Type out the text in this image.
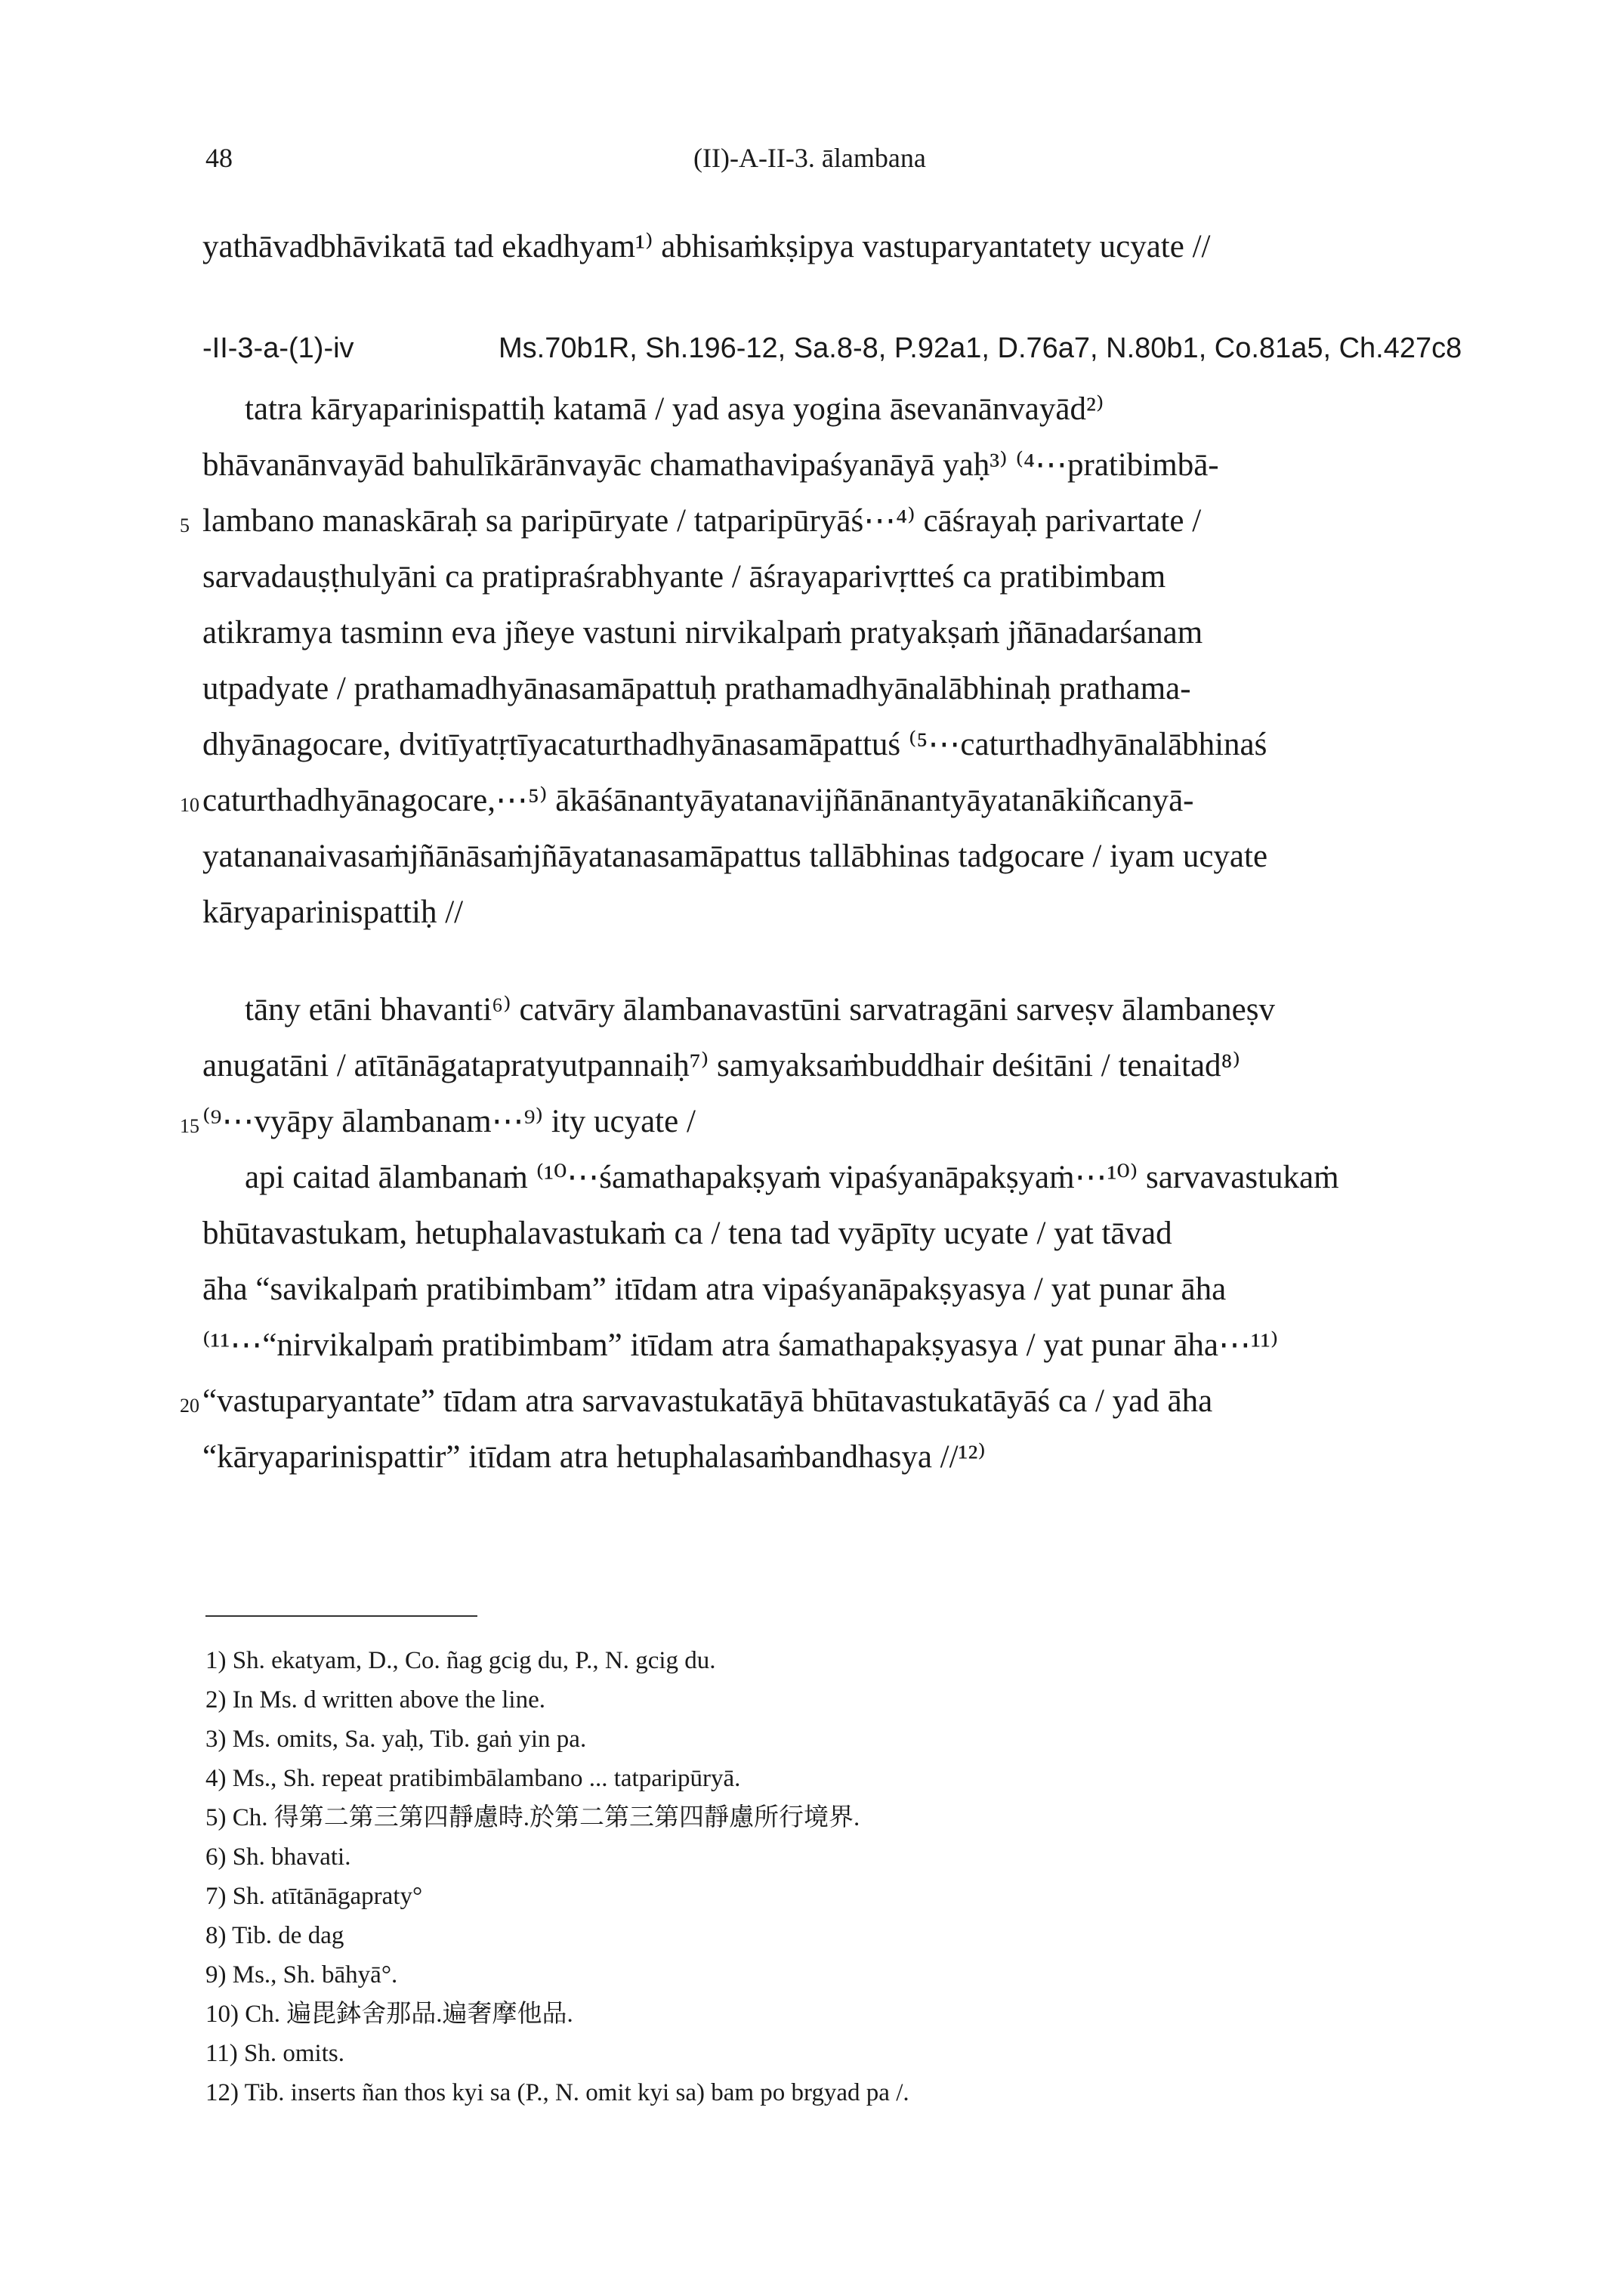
48	(II)-A-II-3. ālambana
yathāvadbhāvikatā tad ekadhyam¹⁾ abhisaṁkṣipya vastuparyantatety ucyate //
-II-3-a-(1)-iv	Ms.70b1R, Sh.196-12, Sa.8-8, P.92a1, D.76a7, N.80b1, Co.81a5, Ch.427c8
tatra kāryaparinispattiḥ katamā / yad asya yogina āsevanānvayād²⁾
bhāvanānvayād bahulīkārānvayāc chamathavipaśyanāyā yaḥ³⁾ ⁽⁴⋯pratibimbā-
5 lambano manaskāraḥ sa paripūryate / tatparipūryāś⋯⁴⁾ cāśrayaḥ parivartate /
sarvadauṣṭhulyāni ca pratipraśrabhyante / āśrayaparivṛtteś ca pratibimbam
atikramya tasminn eva jñeye vastuni nirvikalpaṁ pratyakṣaṁ jñānadarśanam
utpadyate / prathamadhyānasamāpattuḥ prathamadhyānalābhinaḥ prathama-
dhyānagocare, dvitīyatṛtīyacaturthadhyānasamāpattuś ⁽⁵⋯caturthadhyānalābhinaś
10 caturthadhyānagocare,⋯⁵⁾ ākāśānantyāyatanavijñānānantyāyatanākiñcanyā-
yatananaivasaṁjñānāsaṁjñāyatanasamāpattus tallābhinas tadgocare / iyam ucyate
kāryaparinispattiḥ //
tāny etāni bhavanti⁶⁾ catvāry ālambanavastūni sarvatragāni sarveṣv ālambaneṣv
anugatāni / atītānāgatapratyutpannaiḥ⁷⁾ samyaksaṁbuddhair deśitāni / tenaitad⁸⁾
15 ⁽⁹⋯vyāpy ālambanam⋯⁹⁾ ity ucyate /
api caitad ālambanaṁ ⁽¹⁰⋯śamathapakṣyaṁ vipaśyanāpakṣyaṁ⋯¹⁰⁾ sarvavastukaṁ
bhūtavastukam, hetuphalavastukaṁ ca / tena tad vyāpīty ucyate / yat tāvad
āha “savikalpaṁ pratibimbam” itīdam atra vipaśyanāpakṣyasya / yat punar āha
⁽¹¹⋯“nirvikalpaṁ pratibimbam” itīdam atra śamathapakṣyasya / yat punar āha⋯¹¹⁾
20 “vastuparyantate” tīdam atra sarvavastukatāyā bhūtavastukatāyāś ca / yad āha
“kāryaparinispattir” itīdam atra hetuphalasaṁbandhasya //¹²⁾
1) Sh. ekatyam, D., Co. ñag gcig du, P., N. gcig du.
2) In Ms. d written above the line.
3) Ms. omits, Sa. yaḥ, Tib. gaṅ yin pa.
4) Ms., Sh. repeat pratibimbālambano ... tatparipūryā.
5) Ch. 得第二第三第四靜慮時.於第二第三第四靜慮所行境界.
6) Sh. bhavati.
7) Sh. atītānāgapraty°
8) Tib. de dag
9) Ms., Sh. bāhyā°.
10) Ch. 遍毘鉢舍那品.遍奢摩他品.
11) Sh. omits.
12) Tib. inserts ñan thos kyi sa (P., N. omit kyi sa) bam po brgyad pa /.
